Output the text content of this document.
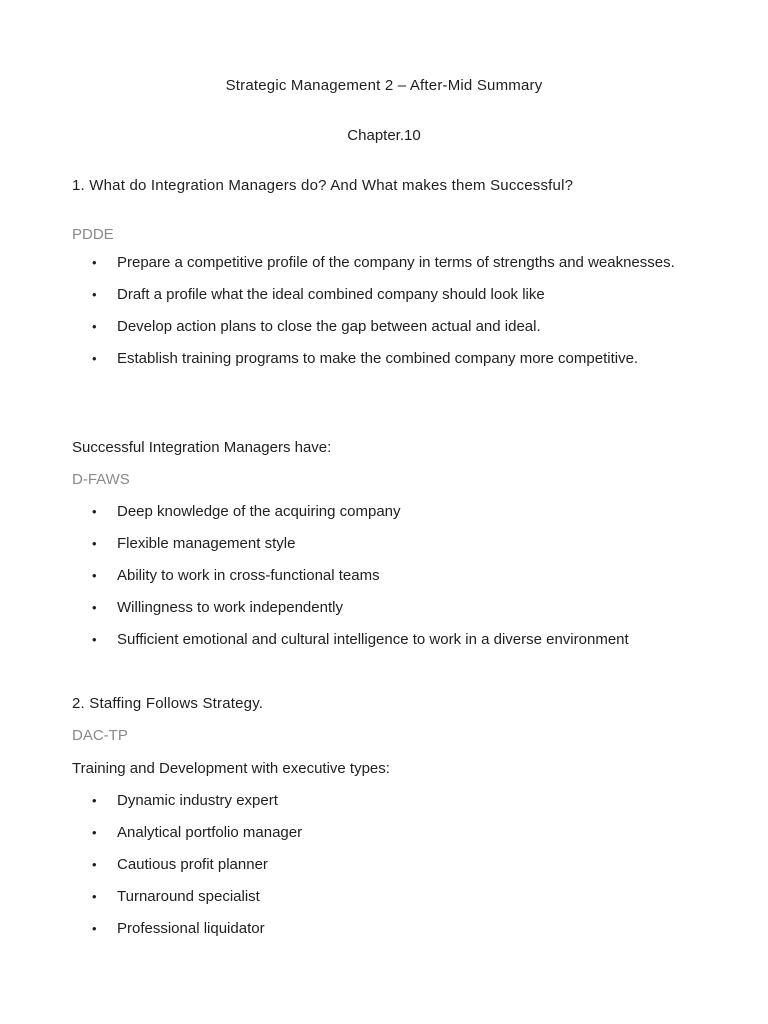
Strategic Management 2 – After-Mid Summary
Chapter.10
1. What do Integration Managers do? And What makes them Successful?
PDDE
• Prepare a competitive profile of the company in terms of strengths and weaknesses.
• Draft a profile what the ideal combined company should look like
• Develop action plans to close the gap between actual and ideal.
• Establish training programs to make the combined company more competitive.
Successful Integration Managers have:
D-FAWS
• Deep knowledge of the acquiring company
• Flexible management style
• Ability to work in cross-functional teams
• Willingness to work independently
• Sufficient emotional and cultural intelligence to work in a diverse environment
2. Staffing Follows Strategy.
DAC-TP
Training and Development with executive types:
• Dynamic industry expert
• Analytical portfolio manager
• Cautious profit planner
• Turnaround specialist
• Professional liquidator
